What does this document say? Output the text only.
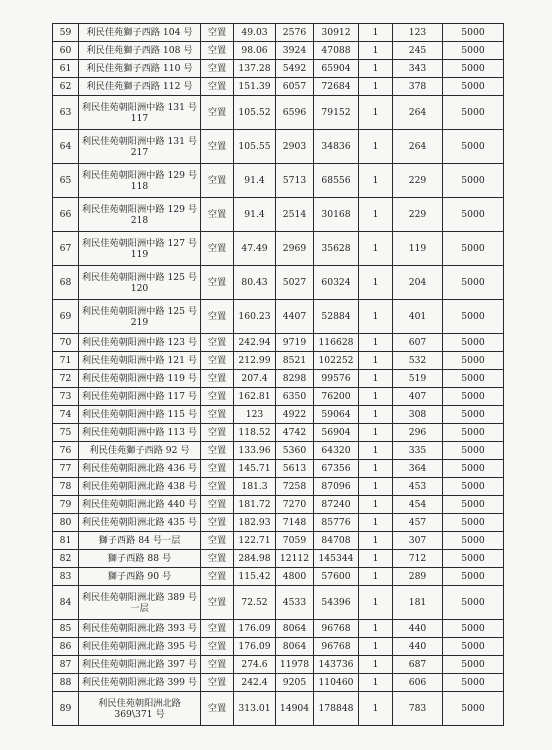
59	利民佳苑獅子西路 104 号	空置	49.03	2576	30912	1	123	5000
60	利民佳苑獅子西路 108 号	空置	98.06	3924	47088	1	245	5000
61	利民佳苑獅子西路 110 号	空置	137.28	5492	65904	1	343	5000
62	利民佳苑獅子西路 112 号	空置	151.39	6057	72684	1	378	5000
63	利民佳苑朝阳洲中路 131 号 117	空置	105.52	6596	79152	1	264	5000
64	利民佳苑朝阳洲中路 131 号 217	空置	105.55	2903	34836	1	264	5000
65	利民佳苑朝阳洲中路 129 号 118	空置	91.4	5713	68556	1	229	5000
66	利民佳苑朝阳洲中路 129 号 218	空置	91.4	2514	30168	1	229	5000
67	利民佳苑朝阳洲中路 127 号 119	空置	47.49	2969	35628	1	119	5000
68	利民佳苑朝阳洲中路 125 号 120	空置	80.43	5027	60324	1	204	5000
69	利民佳苑朝阳洲中路 125 号 219	空置	160.23	4407	52884	1	401	5000
70	利民佳苑朝阳洲中路 123 号	空置	242.94	9719	116628	1	607	5000
71	利民佳苑朝阳洲中路 121 号	空置	212.99	8521	102252	1	532	5000
72	利民佳苑朝阳洲中路 119 号	空置	207.4	8298	99576	1	519	5000
73	利民佳苑朝阳洲中路 117 号	空置	162.81	6350	76200	1	407	5000
74	利民佳苑朝阳洲中路 115 号	空置	123	4922	59064	1	308	5000
75	利民佳苑朝阳洲中路 113 号	空置	118.52	4742	56904	1	296	5000
76	利民佳苑獅子西路 92 号	空置	133.96	5360	64320	1	335	5000
77	利民佳苑朝阳洲北路 436 号	空置	145.71	5613	67356	1	364	5000
78	利民佳苑朝阳洲北路 438 号	空置	181.3	7258	87096	1	453	5000
79	利民佳苑朝阳洲北路 440 号	空置	181.72	7270	87240	1	454	5000
80	利民佳苑朝阳洲北路 435 号	空置	182.93	7148	85776	1	457	5000
81	獅子西路 84 号一层	空置	122.71	7059	84708	1	307	5000
82	獅子西路 88 号	空置	284.98	12112	145344	1	712	5000
83	獅子西路 90 号	空置	115.42	4800	57600	1	289	5000
84	利民佳苑朝阳洲北路 389 号 一层	空置	72.52	4533	54396	1	181	5000
85	利民佳苑朝阳洲北路 393 号	空置	176.09	8064	96768	1	440	5000
86	利民佳苑朝阳洲北路 395 号	空置	176.09	8064	96768	1	440	5000
87	利民佳苑朝阳洲北路 397 号	空置	274.6	11978	143736	1	687	5000
88	利民佳苑朝阳洲北路 399 号	空置	242.4	9205	110460	1	606	5000
89	利民佳苑朝阳洲北路 369\371 号	空置	313.01	14904	178848	1	783	5000
